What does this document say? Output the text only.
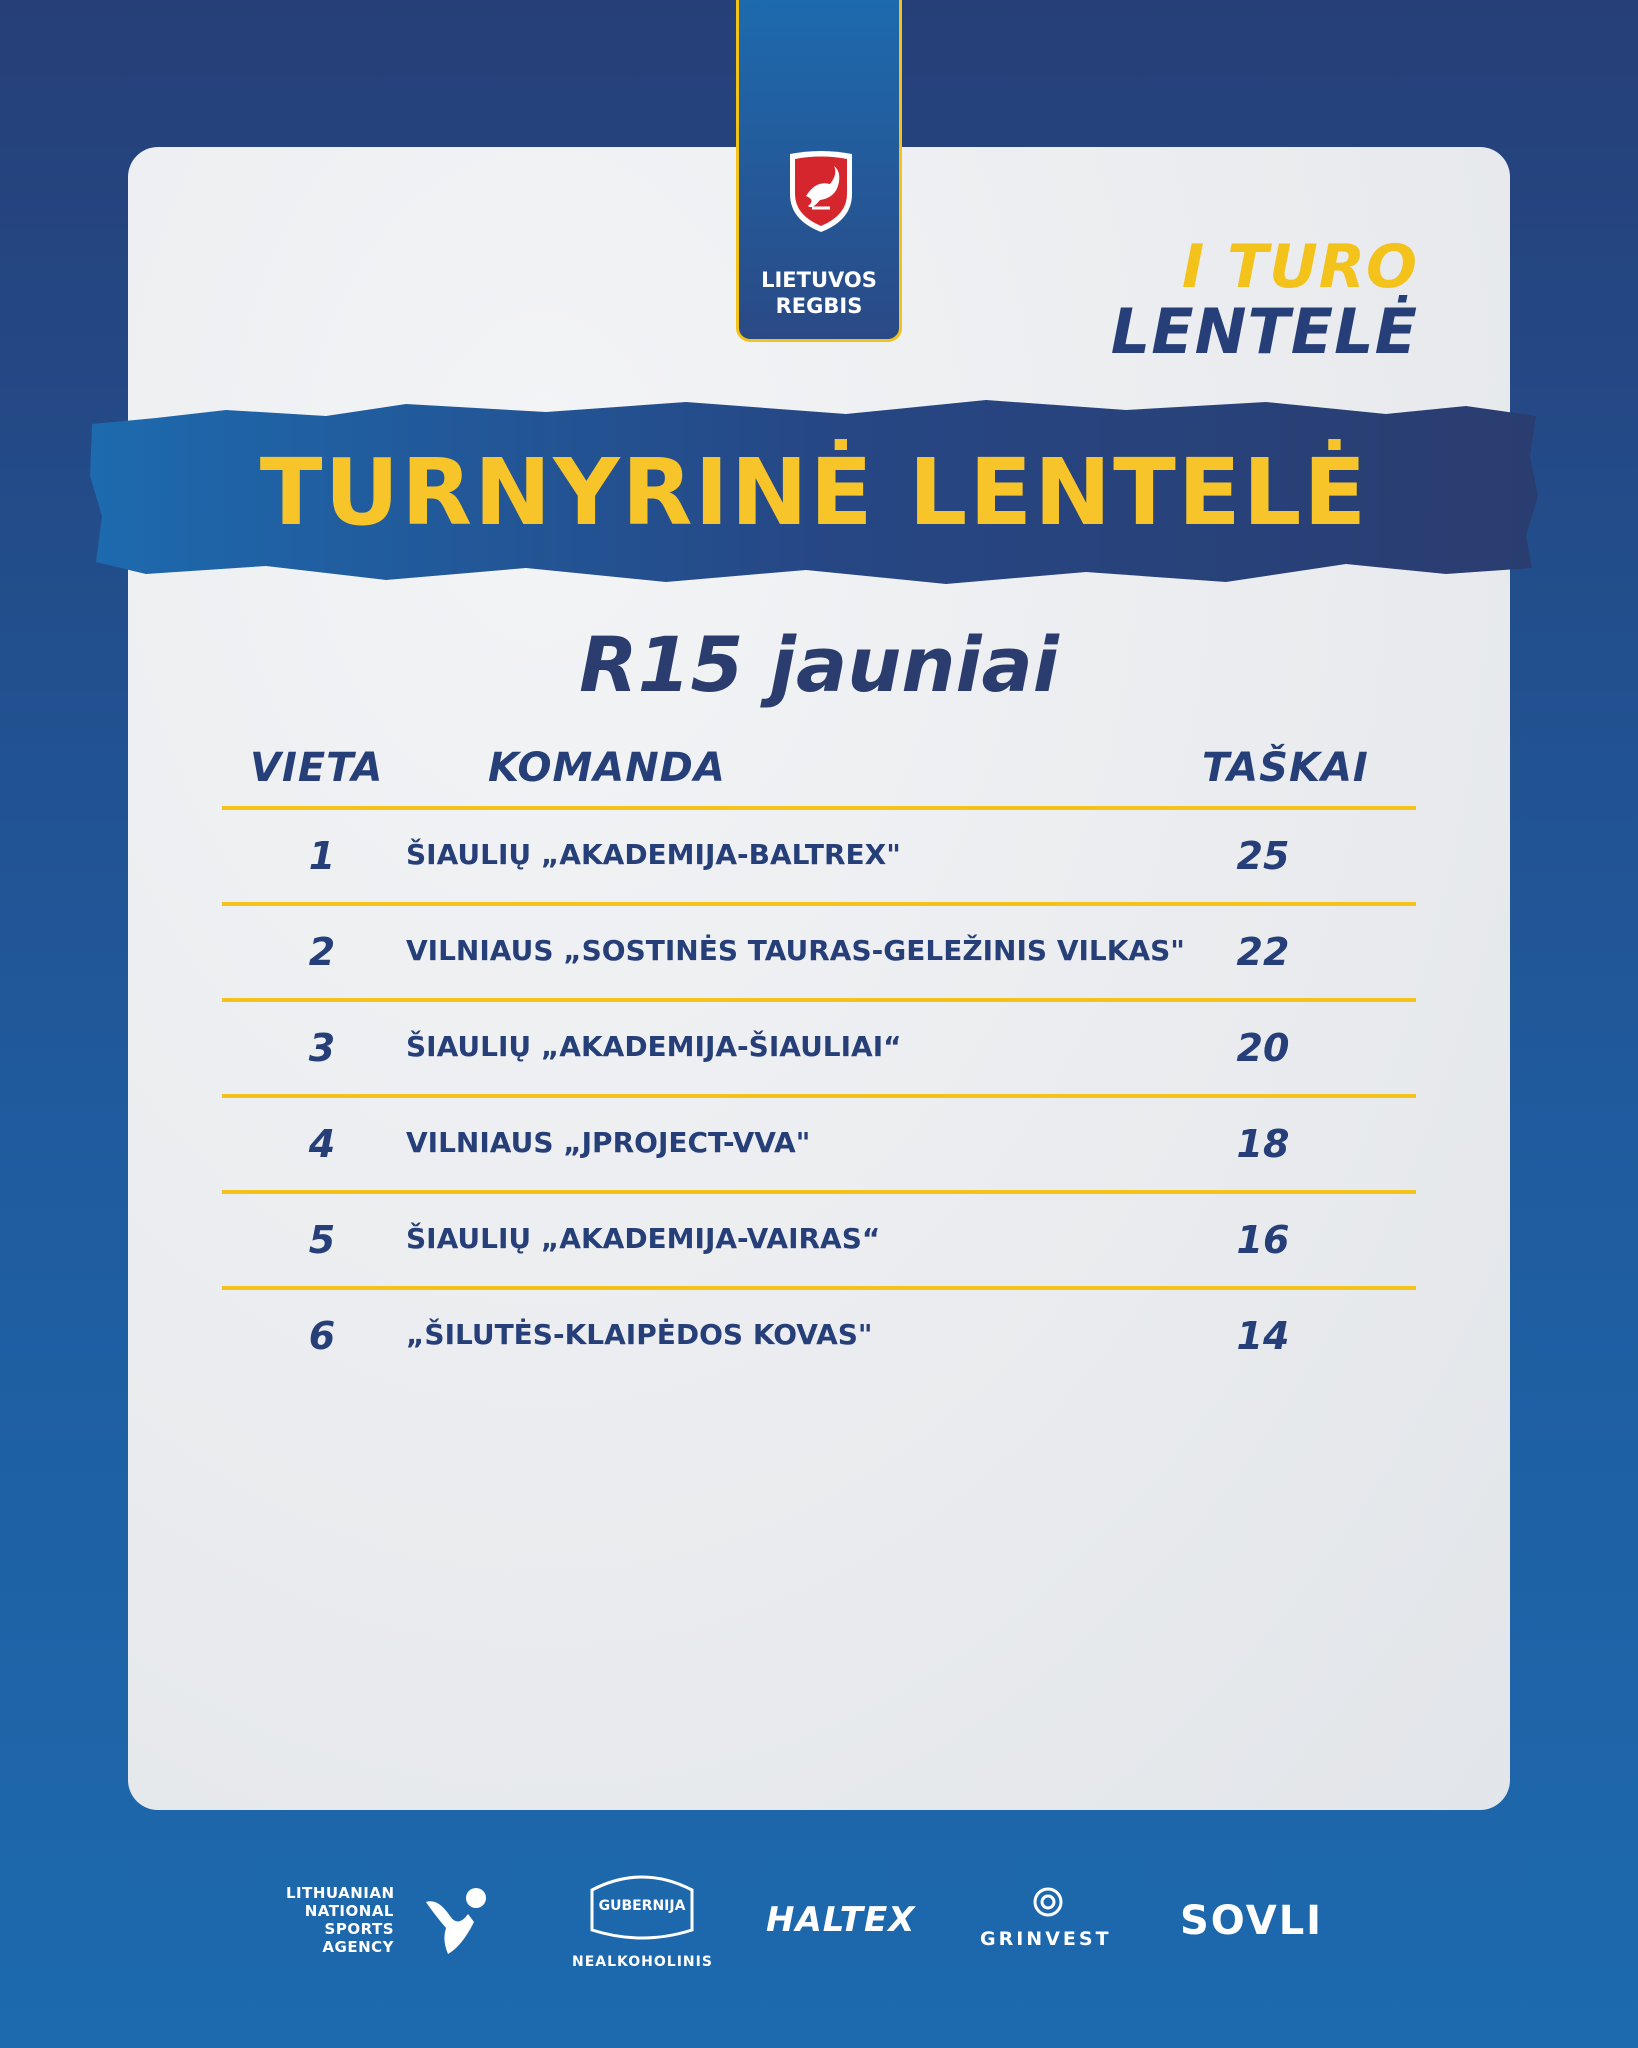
LIETUVOS
REGBIS
I TURO
LENTELĖ
TURNYRINĖ LENTELĖ
R15 jauniai
VIETA	KOMANDA	TAŠKAI
1	ŠIAULIŲ „AKADEMIJA-BALTREX"	25
2	VILNIAUS „SOSTINĖS TAURAS-GELEŽINIS VILKAS" 22
3	ŠIAULIŲ „AKADEMIJA-ŠIAULIAI“	20
4	VILNIAUS „JPROJECT-VVA"	18
5	ŠIAULIŲ „AKADEMIJA-VAIRAS“	16
6	„ŠILUTĖS-KLAIPĖDOS KOVAS"	14
LITHUANIAN
NATIONAL
SPORTS
AGENCY
GUBERNIJA
NEALKOHOLINIS
HALTEX	GRINVEST SOVLI
